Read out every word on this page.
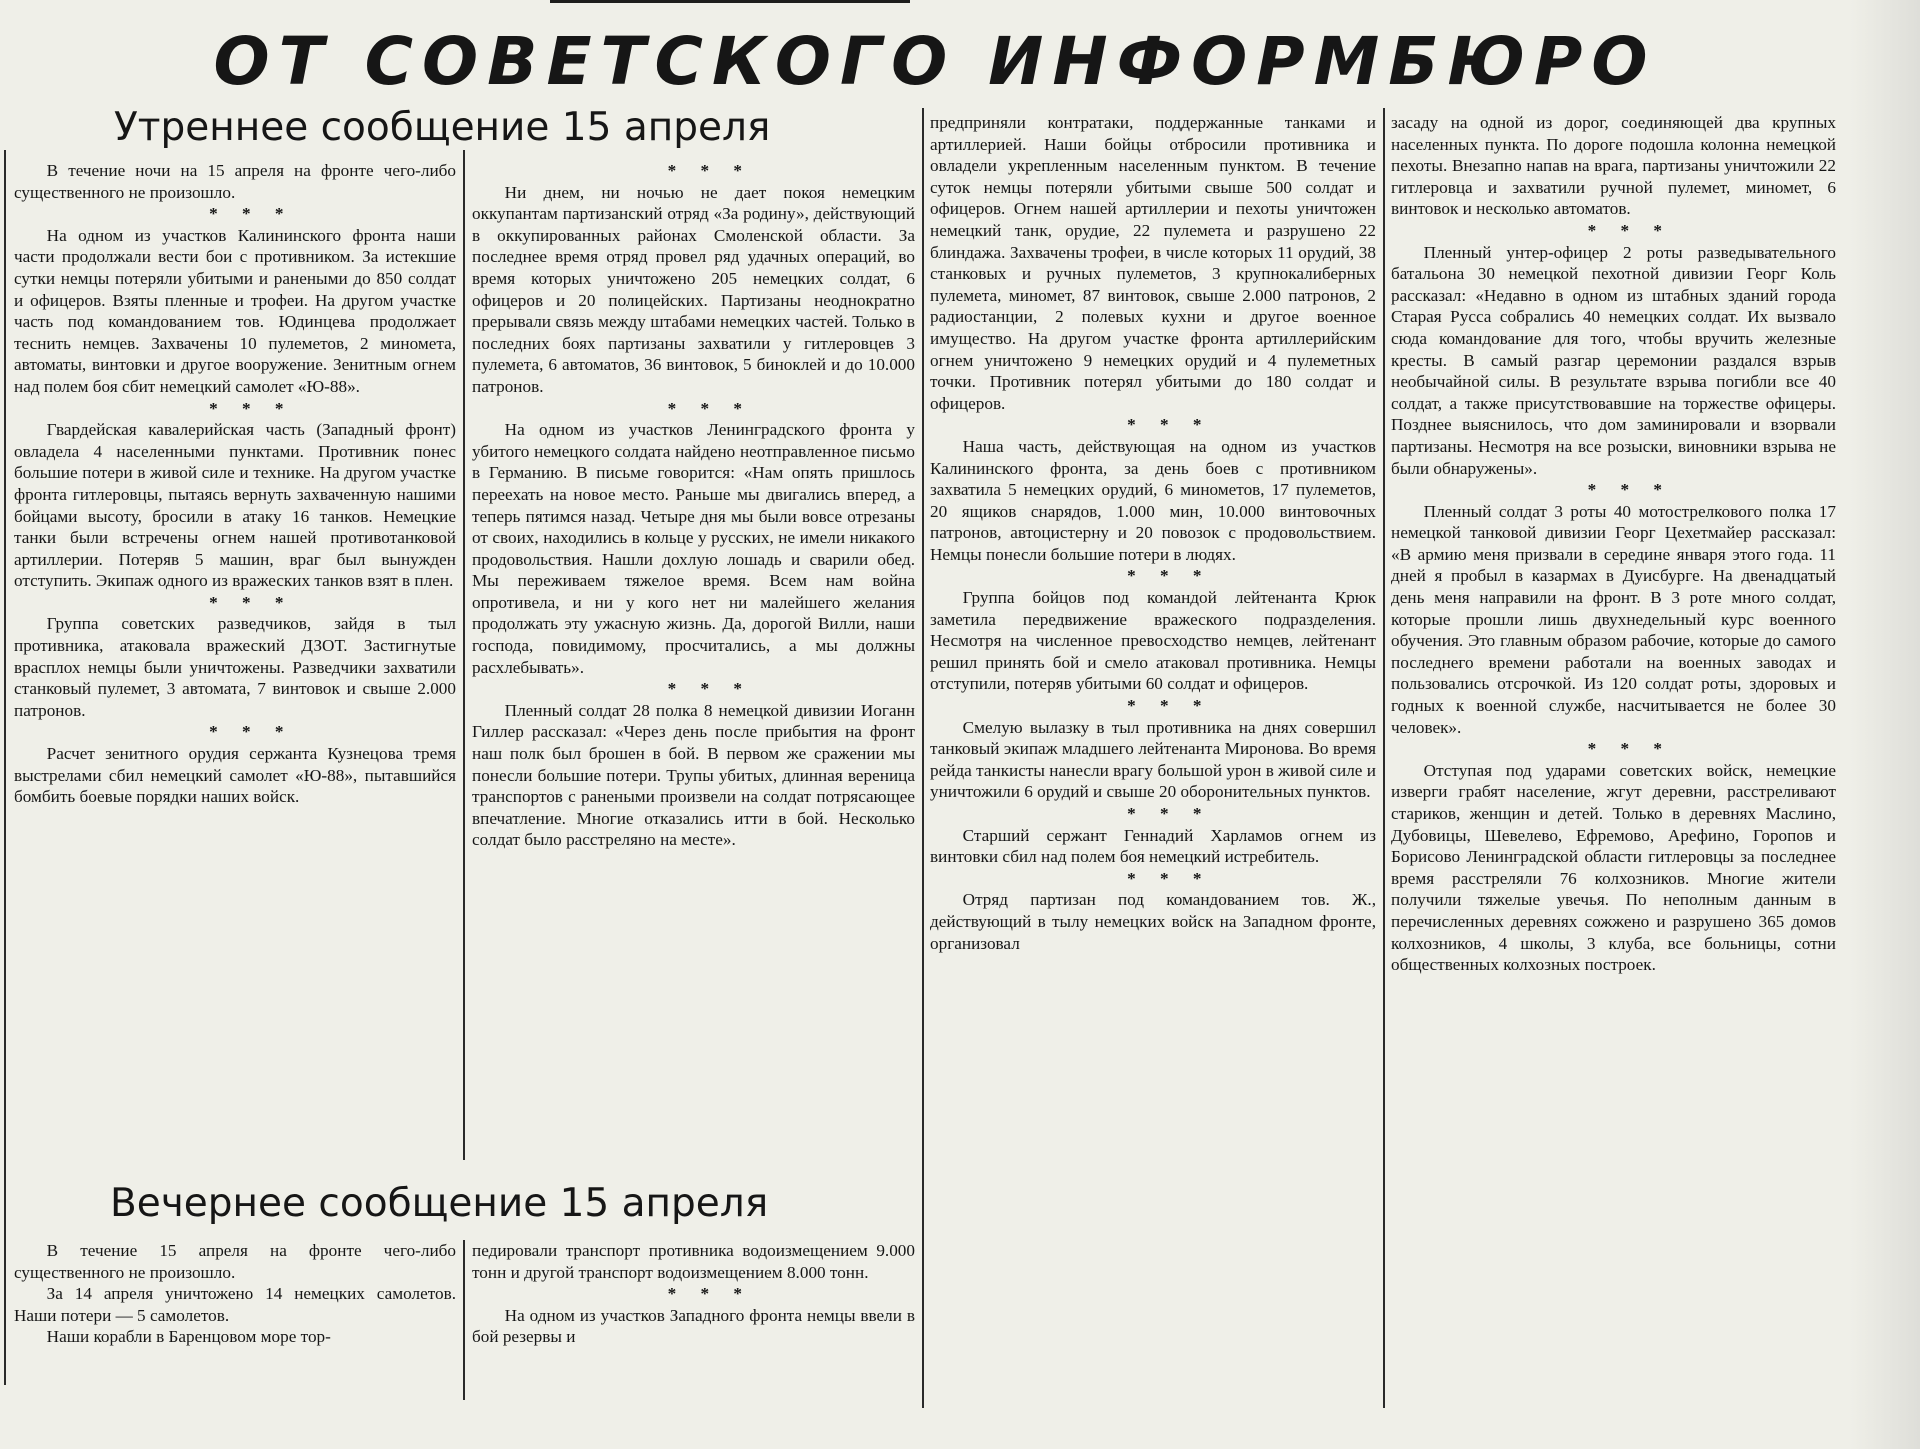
ОТ СОВЕТСКОГО ИНФОРМБЮРО
Утреннее сообщение 15 апреля

В течение ночи на 15 апреля на фронте чего-либо существенного не произошло.

* * *

На одном из участков Калининского фронта наши части продолжали вести бои с противником. За истекшие сутки немцы потеряли убитыми и ранеными до 850 солдат и офицеров. Взяты пленные и трофеи. На другом участке часть под командованием тов. Юдинцева продолжает теснить немцев. Захвачены 10 пулеметов, 2 миномета, автоматы, винтовки и другое вооружение. Зенитным огнем над полем боя сбит немецкий самолет «Ю-88».

* * *

Гвардейская кавалерийская часть (Западный фронт) овладела 4 населенными пунктами. Противник понес большие потери в живой силе и технике. На другом участке фронта гитлеровцы, пытаясь вернуть захваченную нашими бойцами высоту, бросили в атаку 16 танков. Немецкие танки были встречены огнем нашей противотанковой артиллерии. Потеряв 5 машин, враг был вынужден отступить. Экипаж одного из вражеских танков взят в плен.

* * *

Группа советских разведчиков, зайдя в тыл противника, атаковала вражеский ДЗОТ. Застигнутые врасплох немцы были уничтожены. Разведчики захватили станковый пулемет, 3 автомата, 7 винтовок и свыше 2.000 патронов.

* * *

Расчет зенитного орудия сержанта Кузнецова тремя выстрелами сбил немецкий самолет «Ю-88», пытавшийся бомбить боевые порядки наших войск.

* * *

Ни днем, ни ночью не дает покоя немецким оккупантам партизанский отряд «За родину», действующий в оккупированных районах Смоленской области. За последнее время отряд провел ряд удачных операций, во время которых уничтожено 205 немецких солдат, 6 офицеров и 20 полицейских. Партизаны неоднократно прерывали связь между штабами немецких частей. Только в последних боях партизаны захватили у гитлеровцев 3 пулемета, 6 автоматов, 36 винтовок, 5 биноклей и до 10.000 патронов.

* * *

На одном из участков Ленинградского фронта у убитого немецкого солдата найдено неотправленное письмо в Германию. В письме говорится: «Нам опять пришлось переехать на новое место. Раньше мы двигались вперед, а теперь пятимся назад. Четыре дня мы были вовсе отрезаны от своих, находились в кольце у русских, не имели никакого продовольствия. Нашли дохлую лошадь и сварили обед. Мы переживаем тяжелое время. Всем нам война опротивела, и ни у кого нет ни малейшего желания продолжать эту ужасную жизнь. Да, дорогой Вилли, наши господа, повидимому, просчитались, а мы должны расхлебывать».

* * *

Пленный солдат 28 полка 8 немецкой дивизии Иоганн Гиллер рассказал: «Через день после прибытия на фронт наш полк был брошен в бой. В первом же сражении мы понесли большие потери. Трупы убитых, длинная вереница транспортов с ранеными произвели на солдат потрясающее впечатление. Многие отказались итти в бой. Несколько солдат было расстреляно на месте».

предприняли контратаки, поддержанные танками и артиллерией. Наши бойцы отбросили противника и овладели укрепленным населенным пунктом. В течение суток немцы потеряли убитыми свыше 500 солдат и офицеров. Огнем нашей артиллерии и пехоты уничтожен немецкий танк, орудие, 22 пулемета и разрушено 22 блиндажа. Захвачены трофеи, в числе которых 11 орудий, 38 станковых и ручных пулеметов, 3 крупнокалиберных пулемета, миномет, 87 винтовок, свыше 2.000 патронов, 2 радиостанции, 2 полевых кухни и другое военное имущество. На другом участке фронта артиллерийским огнем уничтожено 9 немецких орудий и 4 пулеметных точки. Противник потерял убитыми до 180 солдат и офицеров.

* * *

Наша часть, действующая на одном из участков Калининского фронта, за день боев с противником захватила 5 немецких орудий, 6 минометов, 17 пулеметов, 20 ящиков снарядов, 1.000 мин, 10.000 винтовочных патронов, автоцистерну и 20 повозок с продовольствием. Немцы понесли большие потери в людях.

* * *

Группа бойцов под командой лейтенанта Крюк заметила передвижение вражеского подразделения. Несмотря на численное превосходство немцев, лейтенант решил принять бой и смело атаковал противника. Немцы отступили, потеряв убитыми 60 солдат и офицеров.

* * *

Смелую вылазку в тыл противника на днях совершил танковый экипаж младшего лейтенанта Миронова. Во время рейда танкисты нанесли врагу большой урон в живой силе и уничтожили 6 орудий и свыше 20 оборонительных пунктов.

* * *

Старший сержант Геннадий Харламов огнем из винтовки сбил над полем боя немецкий истребитель.

* * *

Отряд партизан под командованием тов. Ж., действующий в тылу немецких войск на Западном фронте, организовал

засаду на одной из дорог, соединяющей два крупных населенных пункта. По дороге подошла колонна немецкой пехоты. Внезапно напав на врага, партизаны уничтожили 22 гитлеровца и захватили ручной пулемет, миномет, 6 винтовок и несколько автоматов.

* * *

Пленный унтер-офицер 2 роты разведывательного батальона 30 немецкой пехотной дивизии Георг Коль рассказал: «Недавно в одном из штабных зданий города Старая Русса собрались 40 немецких солдат. Их вызвало сюда командование для того, чтобы вручить железные кресты. В самый разгар церемонии раздался взрыв необычайной силы. В результате взрыва погибли все 40 солдат, а также присутствовавшие на торжестве офицеры. Позднее выяснилось, что дом заминировали и взорвали партизаны. Несмотря на все розыски, виновники взрыва не были обнаружены».

* * *

Пленный солдат 3 роты 40 мотострелкового полка 17 немецкой танковой дивизии Георг Цехетмайер рассказал: «В армию меня призвали в середине января этого года. 11 дней я пробыл в казармах в Дуисбурге. На двенадцатый день меня направили на фронт. В 3 роте много солдат, которые прошли лишь двухнедельный курс военного обучения. Это главным образом рабочие, которые до самого последнего времени работали на военных заводах и пользовались отсрочкой. Из 120 солдат роты, здоровых и годных к военной службе, насчитывается не более 30 человек».

* * *

Отступая под ударами советских войск, немецкие изверги грабят население, жгут деревни, расстреливают стариков, женщин и детей. Только в деревнях Маслино, Дубовицы, Шевелево, Ефремово, Арефино, Горопов и Борисово Ленинградской области гитлеровцы за последнее время расстреляли 76 колхозников. Многие жители получили тяжелые увечья. По неполным данным в перечисленных деревнях сожжено и разрушено 365 домов колхозников, 4 школы, 3 клуба, все больницы, сотни общественных колхозных построек.

Вечернее сообщение 15 апреля

В течение 15 апреля на фронте чего-либо существенного не произошло.

За 14 апреля уничтожено 14 немецких самолетов. Наши потери — 5 самолетов.

Наши корабли в Баренцовом море тор-

педировали транспорт противника водоизмещением 9.000 тонн и другой транспорт водоизмещением 8.000 тонн.

* * *

На одном из участков Западного фронта немцы ввели в бой резервы и
